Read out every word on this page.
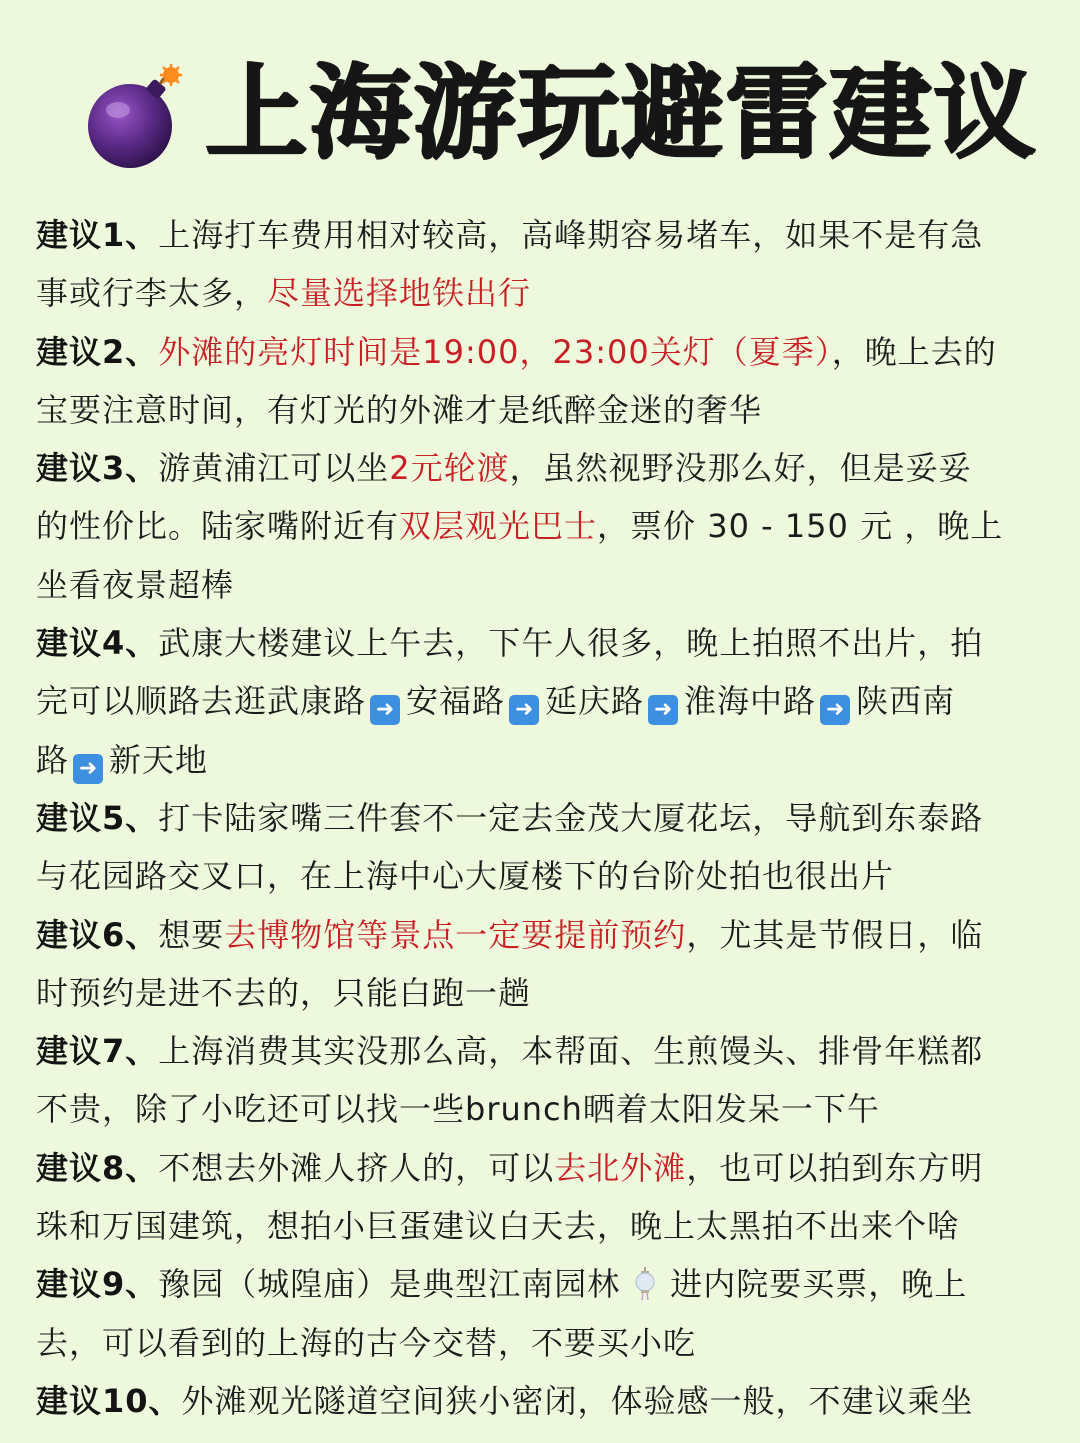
上海游玩避雷建议

建议1、上海打车费用相对较高，高峰期容易堵车，如果不是有急

事或行李太多，尽量选择地铁出行

建议2、外滩的亮灯时间是19:00，23:00关灯（夏季），晚上去的

宝要注意时间，有灯光的外滩才是纸醉金迷的奢华

建议3、游黄浦江可以坐2元轮渡，虽然视野没那么好，但是妥妥

的性价比。陆家嘴附近有双层观光巴士，票价 30 - 150 元 ，晚上

坐看夜景超棒

建议4、武康大楼建议上午去，下午人很多，晚上拍照不出片，拍

完可以顺路去逛武康路 ➜ 安福路 ➜ 延庆路 ➜ 淮海中路 ➜ 陕西南

路 ➜ 新天地

建议5、打卡陆家嘴三件套不一定去金茂大厦花坛，导航到东泰路

与花园路交叉口，在上海中心大厦楼下的台阶处拍也很出片

建议6、想要去博物馆等景点一定要提前预约，尤其是节假日，临

时预约是进不去的，只能白跑一趟

建议7、上海消费其实没那么高，本帮面、生煎馒头、排骨年糕都

不贵，除了小吃还可以找一些brunch晒着太阳发呆一下午

建议8、不想去外滩人挤人的，可以去北外滩，也可以拍到东方明

珠和万国建筑，想拍小巨蛋建议白天去，晚上太黑拍不出来个啥

建议9、豫园（城隍庙）是典型江南园林 进内院要买票，晚上

去，可以看到的上海的古今交替，不要买小吃

建议10、外滩观光隧道空间狭小密闭，体验感一般，不建议乘坐
